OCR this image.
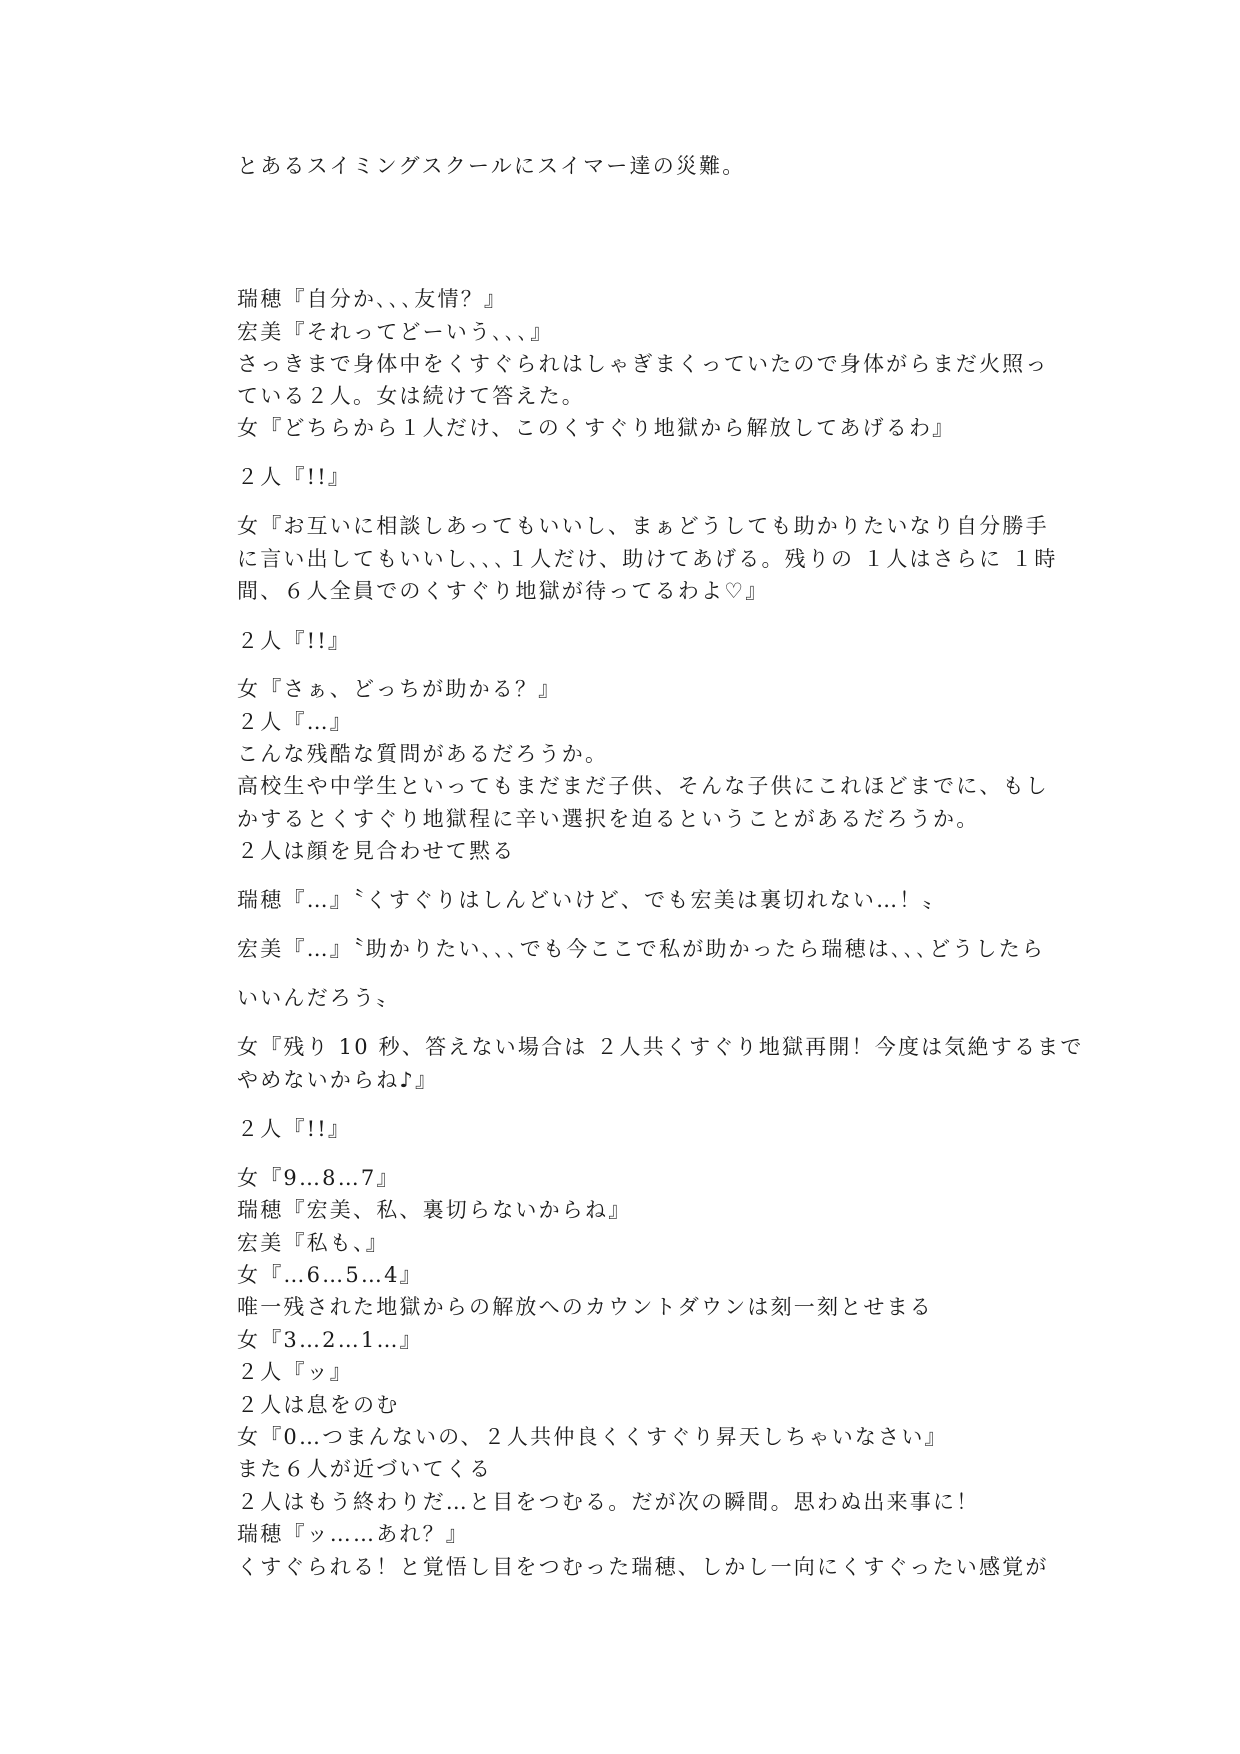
とあるスイミングスクールにスイマー達の災難。
瑞穂『自分か､､､友情？』
宏美『それってどーいう､､､』
さっきまで身体中をくすぐられはしゃぎまくっていたので身体がらまだ火照っ
ている２人。女は続けて答えた。
女『どちらから１人だけ、このくすぐり地獄から解放してあげるわ』
２人『!!』
女『お互いに相談しあってもいいし、まぁどうしても助かりたいなり自分勝手
に言い出してもいいし､､､１人だけ、助けてあげる。残りの １人はさらに １時
間、６人全員でのくすぐり地獄が待ってるわよ♡』
２人『!!』
女『さぁ、どっちが助かる？』
２人『…』
こんな残酷な質問があるだろうか。
高校生や中学生といってもまだまだ子供、そんな子供にこれほどまでに、もし
かするとくすぐり地獄程に辛い選択を迫るということがあるだろうか。
２人は顔を見合わせて黙る
瑞穂『…』〝くすぐりはしんどいけど、でも宏美は裏切れない…！〟
宏美『…』〝助かりたい､､､でも今ここで私が助かったら瑞穂は､､､どうしたら
いいんだろう〟
女『残り 10 秒、答えない場合は ２人共くすぐり地獄再開！今度は気絶するまで
やめないからね♪』
２人『!!』
女『9…8…7』
瑞穂『宏美、私、裏切らないからね』
宏美『私も、』
女『…6…5…4』
唯一残された地獄からの解放へのカウントダウンは刻一刻とせまる
女『3…2…1…』
２人『ッ』
２人は息をのむ
女『0…つまんないの、２人共仲良くくすぐり昇天しちゃいなさい』
また６人が近づいてくる
２人はもう終わりだ…と目をつむる。だが次の瞬間。思わぬ出来事に！
瑞穂『ッ……あれ？』
くすぐられる！と覚悟し目をつむった瑞穂、しかし一向にくすぐったい感覚が
